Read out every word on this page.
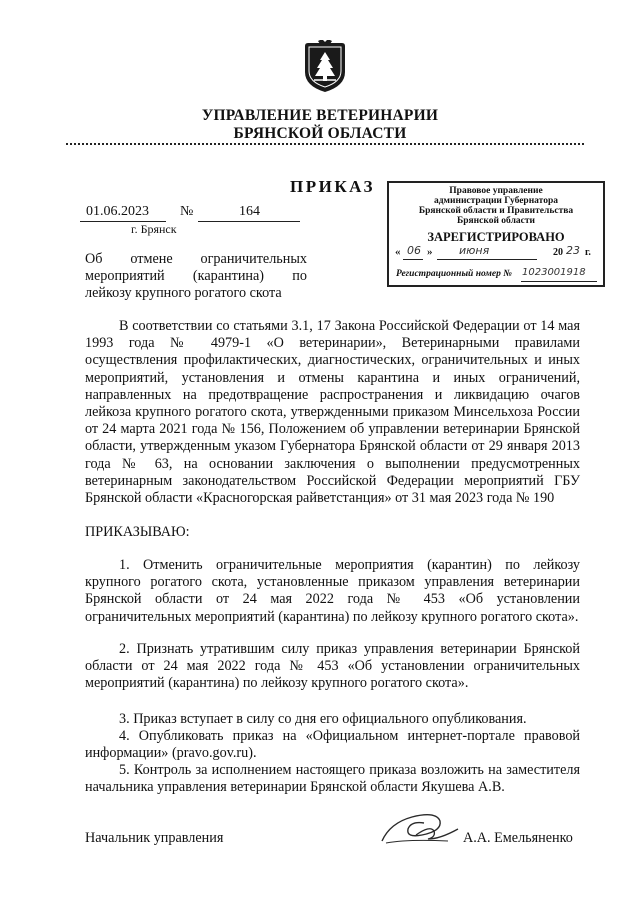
УПРАВЛЕНИЕ ВЕТЕРИНАРИИ
БРЯНСКОЙ ОБЛАСТИ
ПРИКАЗ
01.06.2023 №	164
г. Брянск
Правовое управление
администрации Губернатора
Брянской области и Правительства
Брянской области
ЗАРЕГИСТРИРОВАНО
« 06 » июня	20 23 г.
Регистрационный номер № 1023001918
Об отмене ограничительных
мероприятий (карантина) по
лейкозу крупного рогатого скота
В соответствии со статьями 3.1, 17 Закона Российской Федерации от 14 мая 1993 года № 4979-1 «О ветеринарии», Ветеринарными правилами осуществления профилактических, диагностических, ограничительных и иных мероприятий, установления и отмены карантина и иных ограничений, направленных на предотвращение распространения и ликвидацию очагов лейкоза крупного рогатого скота, утвержденными приказом Минсельхоза России от 24 марта 2021 года № 156, Положением об управлении ветеринарии Брянской области, утвержденным указом Губернатора Брянской области от 29 января 2013 года № 63, на основании заключения о выполнении предусмотренных ветеринарным законодательством Российской Федерации мероприятий ГБУ Брянской области «Красногорская райветстанция» от 31 мая 2023 года № 190
ПРИКАЗЫВАЮ:
1. Отменить ограничительные мероприятия (карантин) по лейкозу крупного рогатого скота, установленные приказом управления ветеринарии Брянской области от 24 мая 2022 года № 453 «Об установлении ограничительных мероприятий (карантина) по лейкозу крупного рогатого скота».
2. Признать утратившим силу приказ управления ветеринарии Брянской области от 24 мая 2022 года № 453 «Об установлении ограничительных мероприятий (карантина) по лейкозу крупного рогатого скота».
3. Приказ вступает в силу со дня его официального опубликования.
4. Опубликовать приказ на «Официальном интернет-портале правовой информации» (pravo.gov.ru).
5. Контроль за исполнением настоящего приказа возложить на заместителя начальника управления ветеринарии Брянской области Якушева А.В.
Начальник управления	А.А. Емельяненко
